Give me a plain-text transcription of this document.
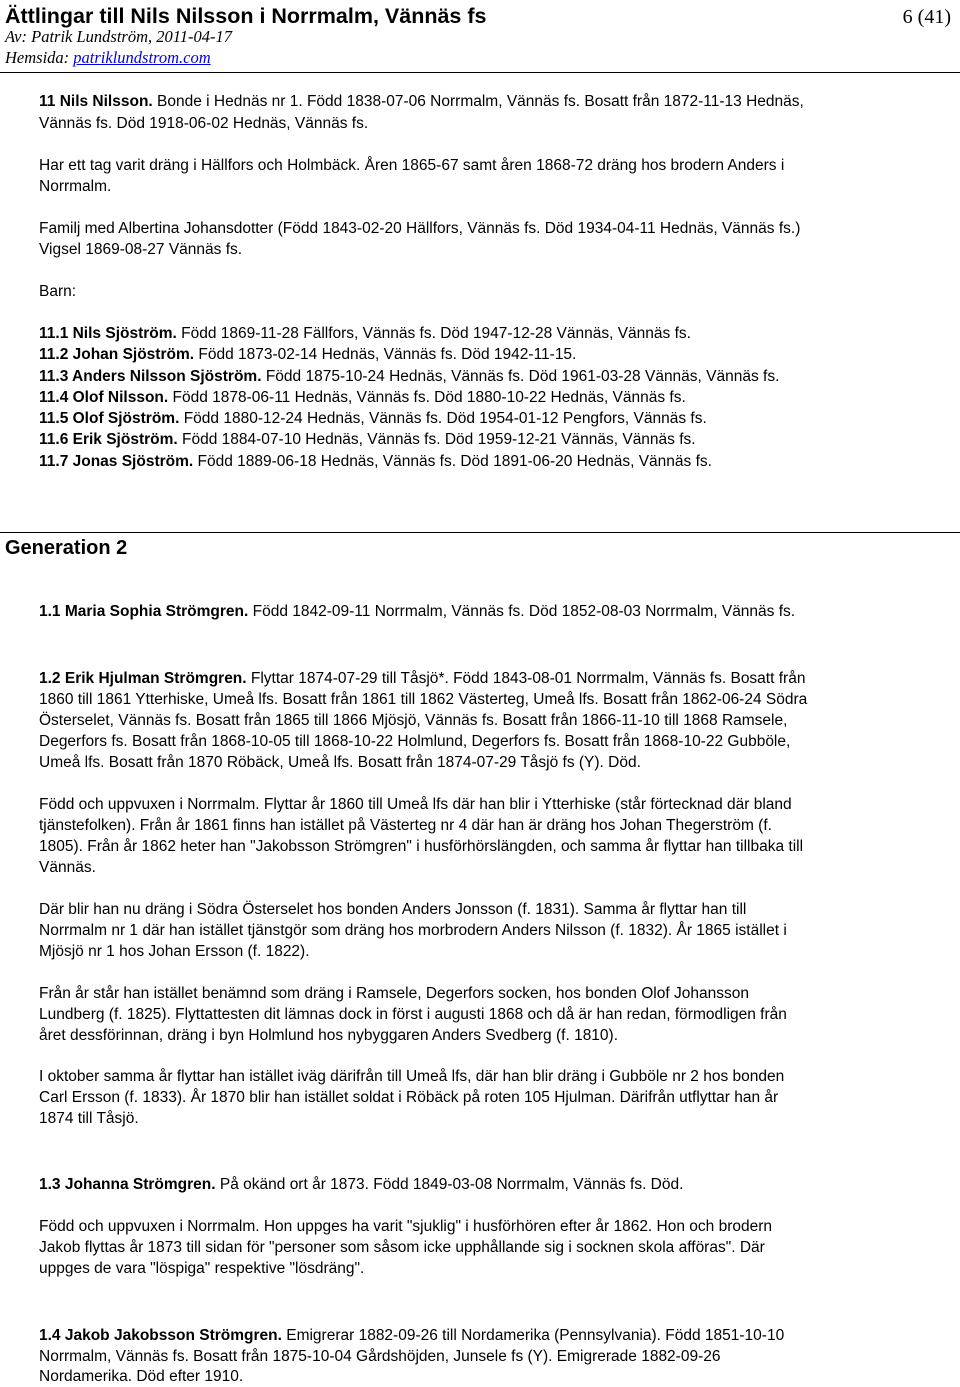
Ättlingar till Nils Nilsson i Norrmalm, Vännäs fs	6 (41)
Av: Patrik Lundström, 2011-04-17
Hemsida: patriklundstrom.com
11 Nils Nilsson. Bonde i Hednäs nr 1. Född 1838-07-06 Norrmalm, Vännäs fs. Bosatt från 1872-11-13 Hednäs,
Vännäs fs. Död 1918-06-02 Hednäs, Vännäs fs.
Har ett tag varit dräng i Hällfors och Holmbäck. Åren 1865-67 samt åren 1868-72 dräng hos brodern Anders i
Norrmalm.
Familj med Albertina Johansdotter (Född 1843-02-20 Hällfors, Vännäs fs. Död 1934-04-11 Hednäs, Vännäs fs.)
Vigsel 1869-08-27 Vännäs fs.
Barn:
11.1 Nils Sjöström. Född 1869-11-28 Fällfors, Vännäs fs. Död 1947-12-28 Vännäs, Vännäs fs.
11.2 Johan Sjöström. Född 1873-02-14 Hednäs, Vännäs fs. Död 1942-11-15.
11.3 Anders Nilsson Sjöström. Född 1875-10-24 Hednäs, Vännäs fs. Död 1961-03-28 Vännäs, Vännäs fs.
11.4 Olof Nilsson. Född 1878-06-11 Hednäs, Vännäs fs. Död 1880-10-22 Hednäs, Vännäs fs.
11.5 Olof Sjöström. Född 1880-12-24 Hednäs, Vännäs fs. Död 1954-01-12 Pengfors, Vännäs fs.
11.6 Erik Sjöström. Född 1884-07-10 Hednäs, Vännäs fs. Död 1959-12-21 Vännäs, Vännäs fs.
11.7 Jonas Sjöström. Född 1889-06-18 Hednäs, Vännäs fs. Död 1891-06-20 Hednäs, Vännäs fs.
Generation 2
1.1 Maria Sophia Strömgren. Född 1842-09-11 Norrmalm, Vännäs fs. Död 1852-08-03 Norrmalm, Vännäs fs.
1.2 Erik Hjulman Strömgren. Flyttar 1874-07-29 till Tåsjö*. Född 1843-08-01 Norrmalm, Vännäs fs. Bosatt från
1860 till 1861 Ytterhiske, Umeå lfs. Bosatt från 1861 till 1862 Västerteg, Umeå lfs. Bosatt från 1862-06-24 Södra
Österselet, Vännäs fs. Bosatt från 1865 till 1866 Mjösjö, Vännäs fs. Bosatt från 1866-11-10 till 1868 Ramsele,
Degerfors fs. Bosatt från 1868-10-05 till 1868-10-22 Holmlund, Degerfors fs. Bosatt från 1868-10-22 Gubböle,
Umeå lfs. Bosatt från 1870 Röbäck, Umeå lfs. Bosatt från 1874-07-29 Tåsjö fs (Y). Död.
Född och uppvuxen i Norrmalm. Flyttar år 1860 till Umeå lfs där han blir i Ytterhiske (står förtecknad där bland
tjänstefolken). Från år 1861 finns han istället på Västerteg nr 4 där han är dräng hos Johan Thegerström (f.
1805). Från år 1862 heter han "Jakobsson Strömgren" i husförhörslängden, och samma år flyttar han tillbaka till
Vännäs.
Där blir han nu dräng i Södra Österselet hos bonden Anders Jonsson (f. 1831). Samma år flyttar han till
Norrmalm nr 1 där han istället tjänstgör som dräng hos morbrodern Anders Nilsson (f. 1832). År 1865 istället i
Mjösjö nr 1 hos Johan Ersson (f. 1822).
Från år står han istället benämnd som dräng i Ramsele, Degerfors socken, hos bonden Olof Johansson
Lundberg (f. 1825). Flyttattesten dit lämnas dock in först i augusti 1868 och då är han redan, förmodligen från
året dessförinnan, dräng i byn Holmlund hos nybyggaren Anders Svedberg (f. 1810).
I oktober samma år flyttar han istället iväg därifrån till Umeå lfs, där han blir dräng i Gubböle nr 2 hos bonden
Carl Ersson (f. 1833). År 1870 blir han istället soldat i Röbäck på roten 105 Hjulman. Därifrån utflyttar han år
1874 till Tåsjö.
1.3 Johanna Strömgren. På okänd ort år 1873. Född 1849-03-08 Norrmalm, Vännäs fs. Död.
Född och uppvuxen i Norrmalm. Hon uppges ha varit "sjuklig" i husförhören efter år 1862. Hon och brodern
Jakob flyttas år 1873 till sidan för "personer som såsom icke upphållande sig i socknen skola afföras". Där
uppges de vara "löspiga" respektive "lösdräng".
1.4 Jakob Jakobsson Strömgren. Emigrerar 1882-09-26 till Nordamerika (Pennsylvania). Född 1851-10-10
Norrmalm, Vännäs fs. Bosatt från 1875-10-04 Gårdshöjden, Junsele fs (Y). Emigrerade 1882-09-26
Nordamerika. Död efter 1910.
